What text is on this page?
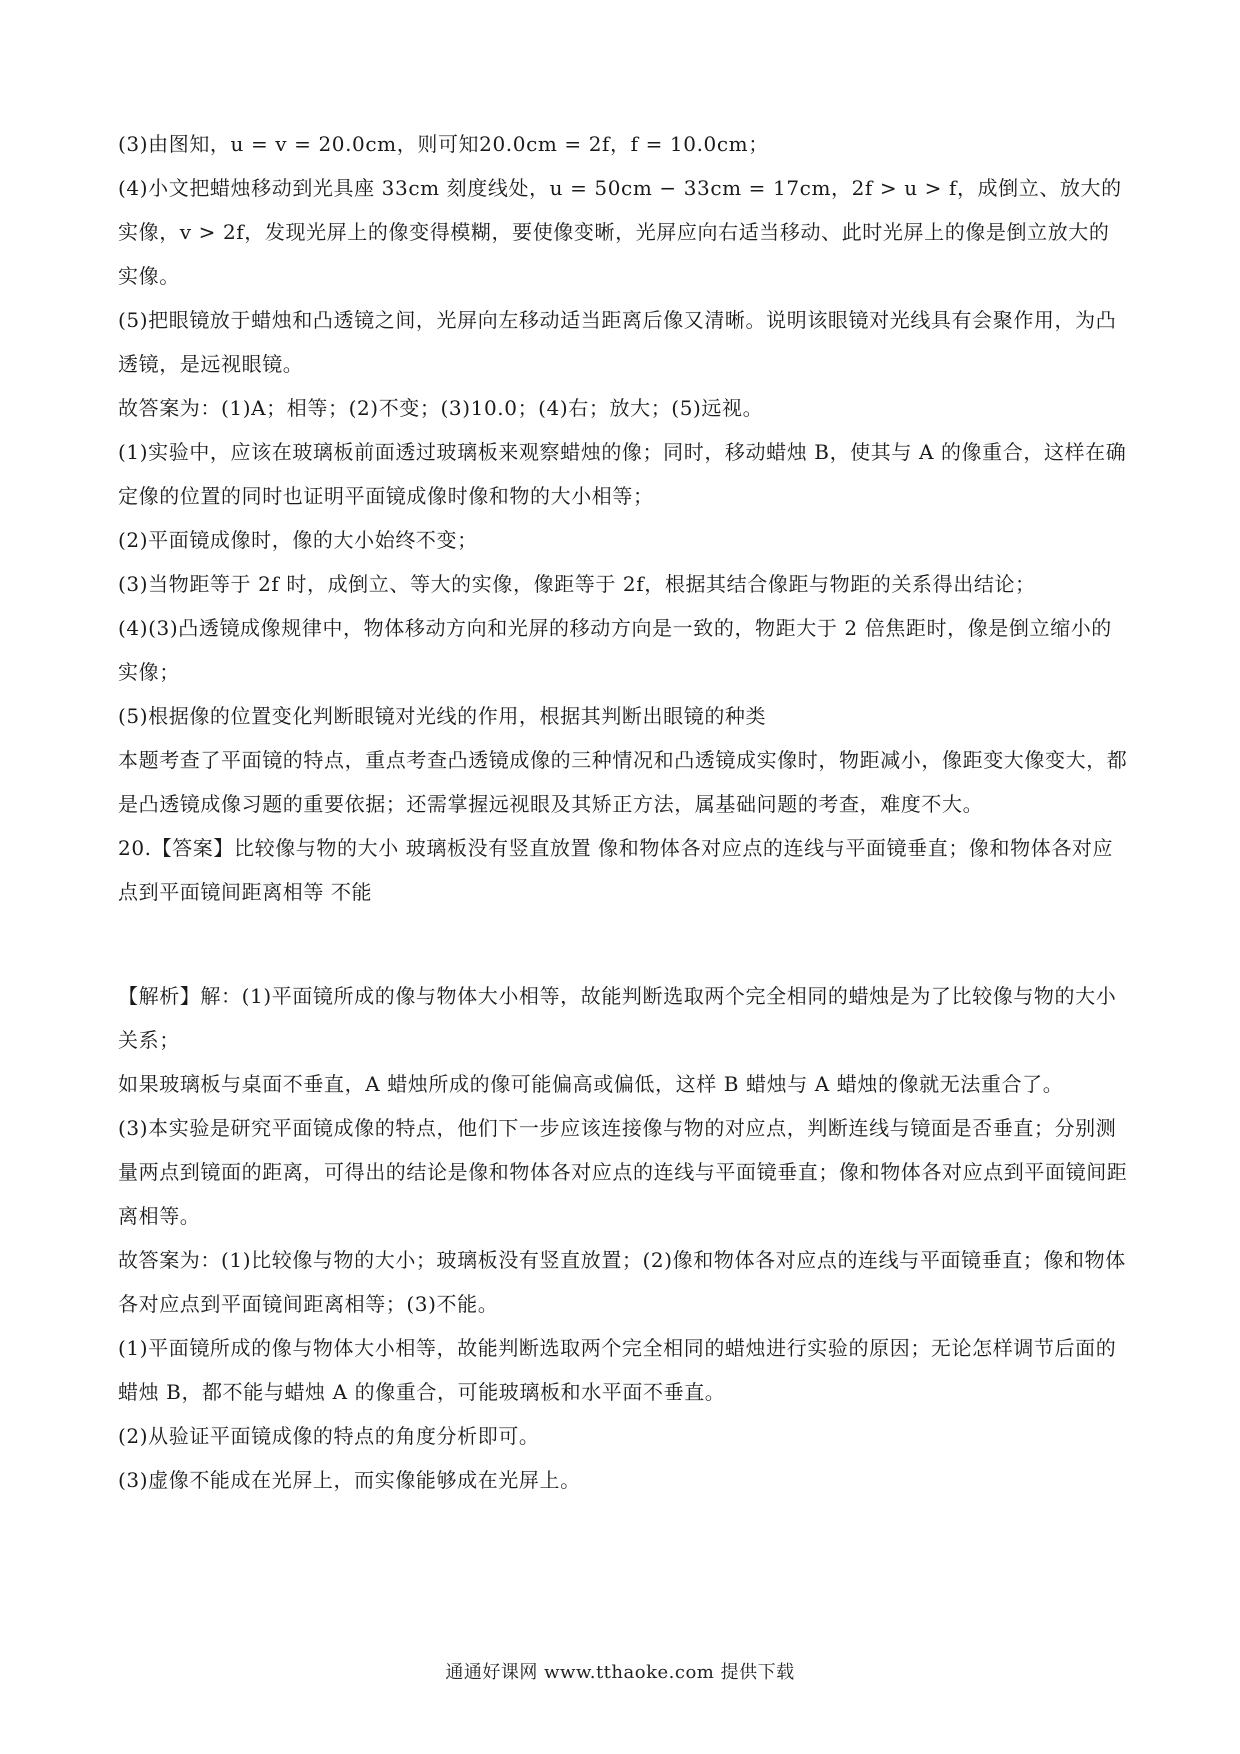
(3)由图知，u = v = 20.0cm，则可知20.0cm = 2f，f = 10.0cm；

(4)小文把蜡烛移动到光具座 33cm 刻度线处，u = 50cm − 33cm = 17cm，2f > u > f，成倒立、放大的实像，v > 2f，发现光屏上的像变得模糊，要使像变晰，光屏应向右适当移动、此时光屏上的像是倒立放大的实像。

(5)把眼镜放于蜡烛和凸透镜之间，光屏向左移动适当距离后像又清晰。说明该眼镜对光线具有会聚作用，为凸透镜，是远视眼镜。

故答案为：(1)A；相等；(2)不变；(3)10.0；(4)右；放大；(5)远视。

(1)实验中，应该在玻璃板前面透过玻璃板来观察蜡烛的像；同时，移动蜡烛 B，使其与 A 的像重合，这样在确定像的位置的同时也证明平面镜成像时像和物的大小相等；

(2)平面镜成像时，像的大小始终不变；

(3)当物距等于 2f 时，成倒立、等大的实像，像距等于 2f，根据其结合像距与物距的关系得出结论；

(4)(3)凸透镜成像规律中，物体移动方向和光屏的移动方向是一致的，物距大于 2 倍焦距时，像是倒立缩小的实像；

(5)根据像的位置变化判断眼镜对光线的作用，根据其判断出眼镜的种类

本题考查了平面镜的特点，重点考查凸透镜成像的三种情况和凸透镜成实像时，物距减小，像距变大像变大，都是凸透镜成像习题的重要依据；还需掌握远视眼及其矫正方法，属基础问题的考查，难度不大。

20.【答案】比较像与物的大小 玻璃板没有竖直放置 像和物体各对应点的连线与平面镜垂直；像和物体各对应点到平面镜间距离相等 不能

【解析】解：(1)平面镜所成的像与物体大小相等，故能判断选取两个完全相同的蜡烛是为了比较像与物的大小关系；

如果玻璃板与桌面不垂直，A 蜡烛所成的像可能偏高或偏低，这样 B 蜡烛与 A 蜡烛的像就无法重合了。

(3)本实验是研究平面镜成像的特点，他们下一步应该连接像与物的对应点，判断连线与镜面是否垂直；分别测量两点到镜面的距离，可得出的结论是像和物体各对应点的连线与平面镜垂直；像和物体各对应点到平面镜间距离相等。

故答案为：(1)比较像与物的大小；玻璃板没有竖直放置；(2)像和物体各对应点的连线与平面镜垂直；像和物体各对应点到平面镜间距离相等；(3)不能。

(1)平面镜所成的像与物体大小相等，故能判断选取两个完全相同的蜡烛进行实验的原因；无论怎样调节后面的蜡烛 B，都不能与蜡烛 A 的像重合，可能玻璃板和水平面不垂直。

(2)从验证平面镜成像的特点的角度分析即可。

(3)虚像不能成在光屏上，而实像能够成在光屏上。

通通好课网 www.tthaoke.com 提供下载
